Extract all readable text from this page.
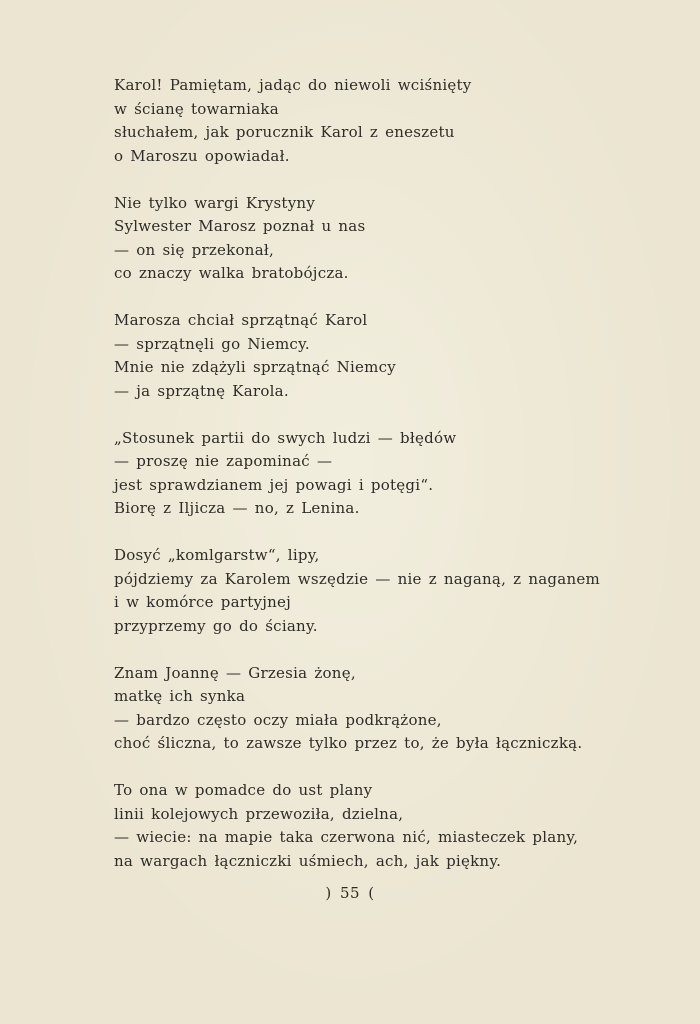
Karol! Pamiętam, jadąc do niewoli wciśnięty
w ścianę towarniaka
słuchałem, jak porucznik Karol z eneszetu
o Maroszu opowiadał.
Nie tylko wargi Krystyny
Sylwester Marosz poznał u nas
— on się przekonał,
co znaczy walka bratobójcza.
Marosza chciał sprzątnąć Karol
— sprzątnęli go Niemcy.
Mnie nie zdążyli sprzątnąć Niemcy
— ja sprzątnę Karola.
„Stosunek partii do swych ludzi — błędów
— proszę nie zapominać —
jest sprawdzianem jej powagi i potęgi“.
Biorę z Iljicza — no, z Lenina.
Dosyć „komlgarstw“, lipy,
pójdziemy za Karolem wszędzie — nie z naganą, z naganem
i w komórce partyjnej
przyprzemy go do ściany.
Znam Joannę — Grzesia żonę,
matkę ich synka
— bardzo często oczy miała podkrążone,
choć śliczna, to zawsze tylko przez to, że była łączniczką.
To ona w pomadce do ust plany
linii kolejowych przewoziła, dzielna,
— wiecie: na mapie taka czerwona nić, miasteczek plany,
na wargach łączniczki uśmiech, ach, jak piękny.
) 55 (
